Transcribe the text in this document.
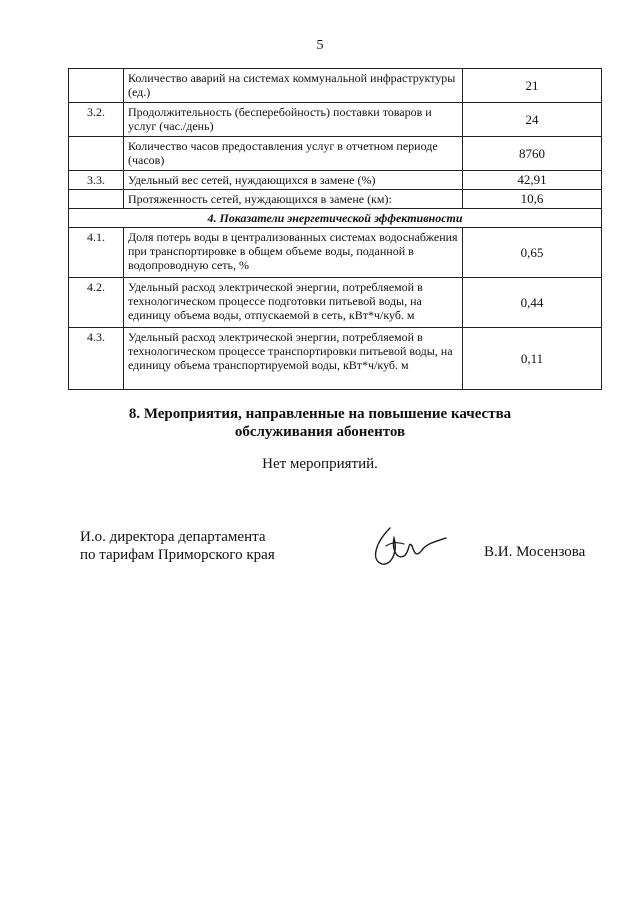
5
	Количество аварий на системах коммунальной инфраструктуры (ед.)	21
3.2.	Продолжительность (бесперебойность) поставки товаров и услуг (час./день)	24
	Количество часов предоставления услуг в отчетном периоде (часов)	8760
3.3.	Удельный вес сетей, нуждающихся в замене (%)	42,91
	Протяженность сетей, нуждающихся в замене (км):	10,6
4. Показатели энергетической эффективности		
4.1.	Доля потерь воды в централизованных системах водоснабжения при транспортировке в общем объеме воды, поданной в водопроводную сеть, %	0,65
4.2.	Удельный расход электрической энергии, потребляемой в технологическом процессе подготовки питьевой воды, на единицу объема воды, отпускаемой в сеть, кВт*ч/куб. м	0,44
4.3.	Удельный расход электрической энергии, потребляемой в технологическом процессе транспортировки питьевой воды, на единицу объема транспортируемой воды, кВт*ч/куб. м	0,11
8. Мероприятия, направленные на повышение качества
обслуживания абонентов
Нет мероприятий.
И.о. директора департамента
по тарифам Приморского края	В.И. Мосензова
